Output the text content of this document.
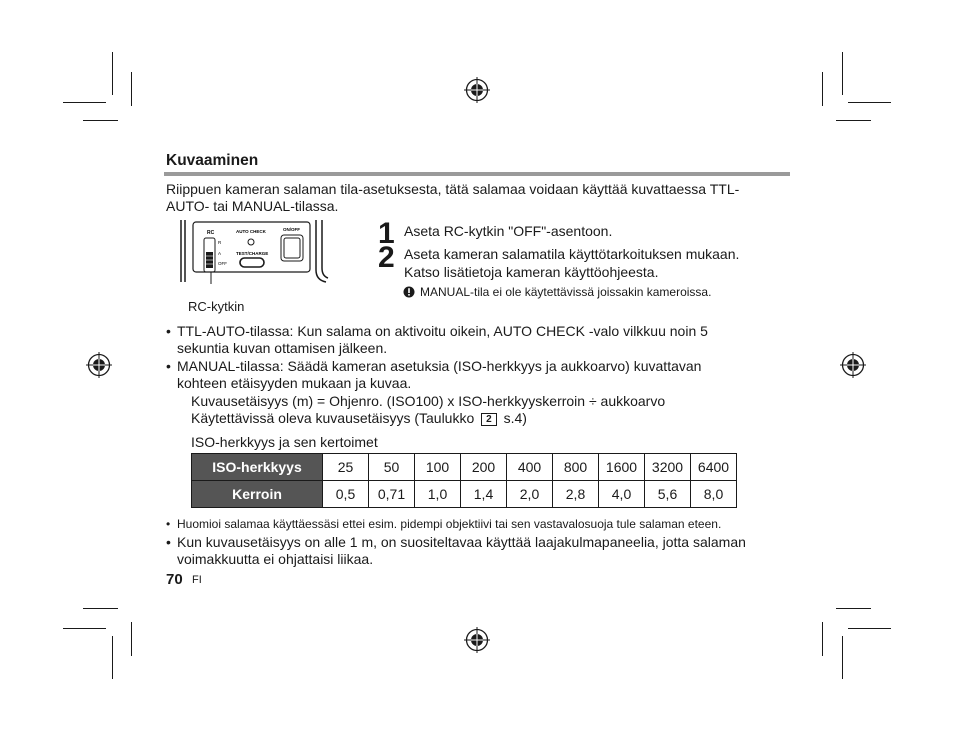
Kuvaaminen
Riippuen kameran salaman tila-asetuksesta, tätä salamaa voidaan käyttää kuvattaessa TTL-
AUTO- tai MANUAL-tilassa.
RC
R
A
OFF
AUTO CHECK
TEST/CHARGE
ON/OFF
RC-kytkin
1 Aseta RC-kytkin "OFF"-asentoon.
2 Aseta kameran salamatila käyttötarkoituksen mukaan.
Katso lisätietoja kameran käyttöohjeesta.
MANUAL-tila ei ole käytettävissä joissakin kameroissa.
• TTL-AUTO-tilassa: Kun salama on aktivoitu oikein, AUTO CHECK -valo vilkkuu noin 5
sekuntia kuvan ottamisen jälkeen.
• MANUAL-tilassa: Säädä kameran asetuksia (ISO-herkkyys ja aukkoarvo) kuvattavan
kohteen etäisyyden mukaan ja kuvaa.
Kuvausetäisyys (m) = Ohjenro. (ISO100) x ISO-herkkyyskerroin ÷ aukkoarvo
Käytettävissä oleva kuvausetäisyys (Taulukko 2 s.4)
ISO-herkkyys ja sen kertoimet
ISO-herkkyys	25	50	100	200	400	800	1600	3200	6400
Kerroin	0,5	0,71	1,0	1,4	2,0	2,8	4,0	5,6	8,0
• Huomioi salamaa käyttäessäsi ettei esim. pidempi objektiivi tai sen vastavalosuoja tule salaman eteen.
• Kun kuvausetäisyys on alle 1 m, on suositeltavaa käyttää laajakulmapaneelia, jotta salaman
voimakkuutta ei ohjattaisi liikaa.
70 FI
